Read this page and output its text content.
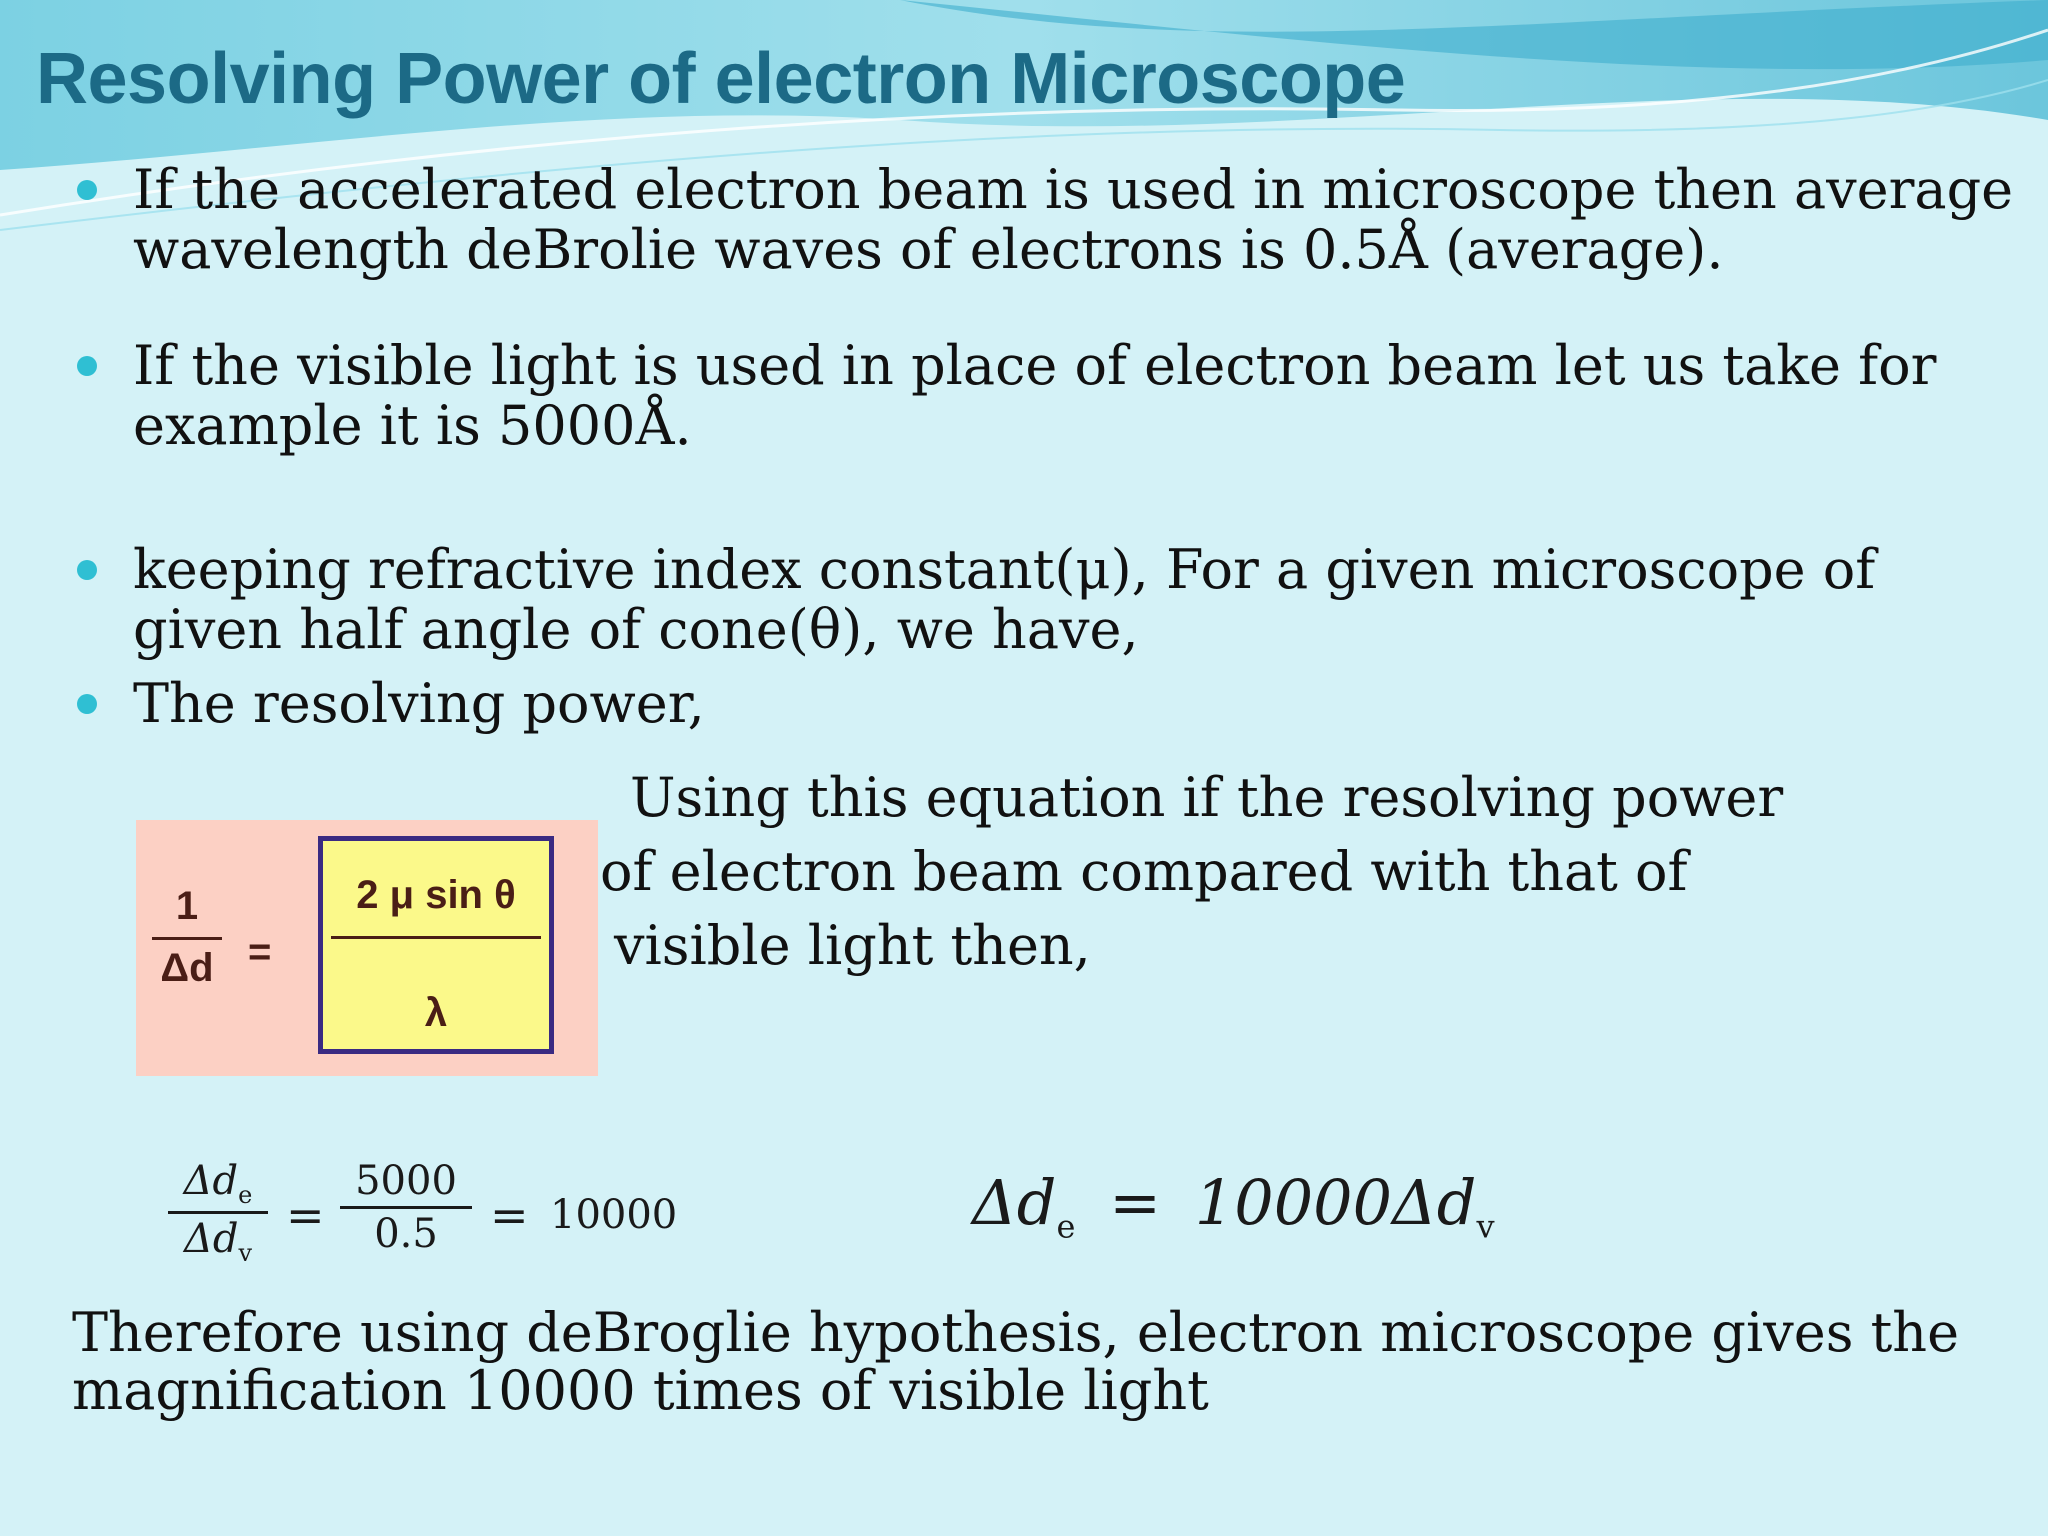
Resolving Power of electron Microscope
If the accelerated electron beam is used in microscope then average
wavelength deBrolie waves of electrons is 0.5Å (average).
If the visible light is used in place of electron beam let us take for
example it is 5000Å.
keeping refractive index constant(μ), For a given microscope of
given half angle of cone(θ), we have,
The resolving power,
Using this equation if the resolving power
of electron beam compared with that of
visible light then,
$\frac{1}{\Delta d} = \frac{\text{2 μ sin θ}}{\lambda}$
$\Delta d_e$
$\Delta d_v$
= $\frac{5000}{0.5} = 10000$	$\Delta d_e = 10000\Delta d_v$
Therefore using deBroglie hypothesis, electron microscope gives the
magnification 10000 times of visible light
